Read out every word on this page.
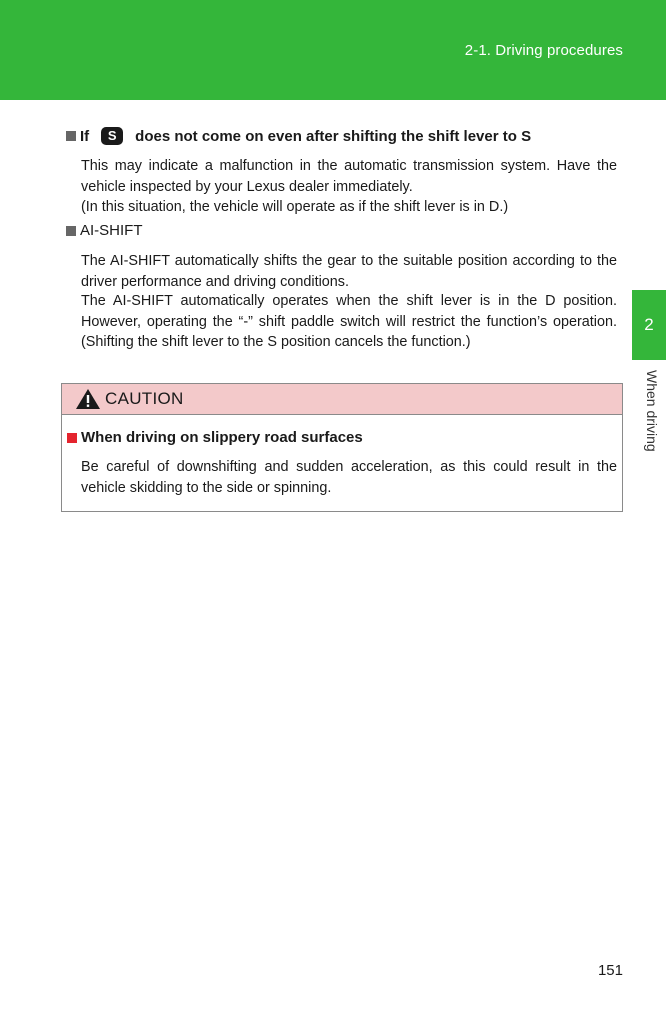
2-1. Driving procedures
2
When driving
If	S	does not come on even after shifting the shift lever to S

This may indicate a malfunction in the automatic transmission system. Have the vehicle inspected by your Lexus dealer immediately.

(In this situation, the vehicle will operate as if the shift lever is in D.)

AI-SHIFT

The AI-SHIFT automatically shifts the gear to the suitable position according to the driver performance and driving conditions.

The AI-SHIFT automatically operates when the shift lever is in the D position. However, operating the “-” shift paddle switch will restrict the function’s operation. (Shifting the shift lever to the S position cancels the function.)

CAUTION
When driving on slippery road surfaces

Be careful of downshifting and sudden acceleration, as this could result in the vehicle skidding to the side or spinning.

151
